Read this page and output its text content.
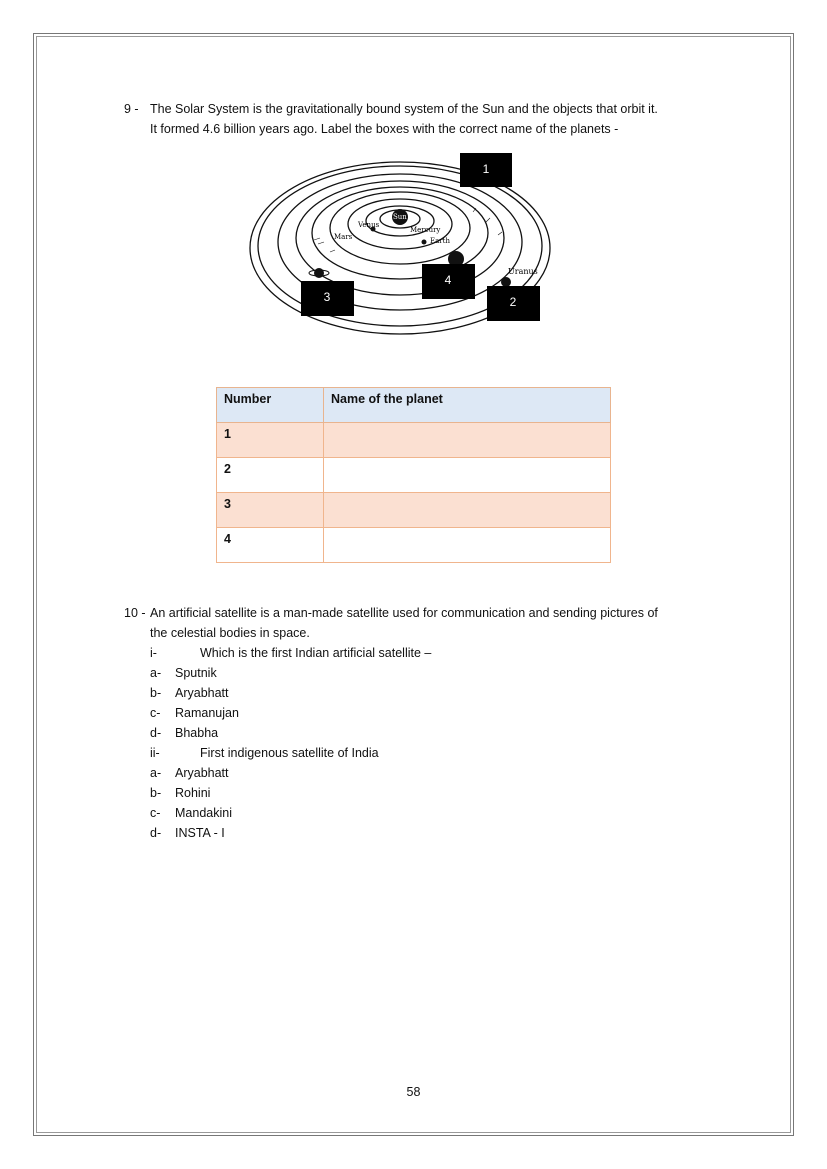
9 - The Solar System is the gravitationally bound system of the Sun and the objects that orbit it.
It formed 4.6 billion years ago. Label the boxes with the correct name of the planets -
Sun
Venus
Mercury
Mars	Earth
Uranus
1
2
3
4
Number	Name of the planet
1	
2	
3	
4	
10 - An artificial satellite is a man-made satellite used for communication and sending pictures of
the celestial bodies in space.
i-	Which is the first Indian artificial satellite –
a- Sputnik
b- Aryabhatt
c- Ramanujan
d- Bhabha
ii-	First indigenous satellite of India
a- Aryabhatt
b- Rohini
c- Mandakini
d- INSTA - I
58
